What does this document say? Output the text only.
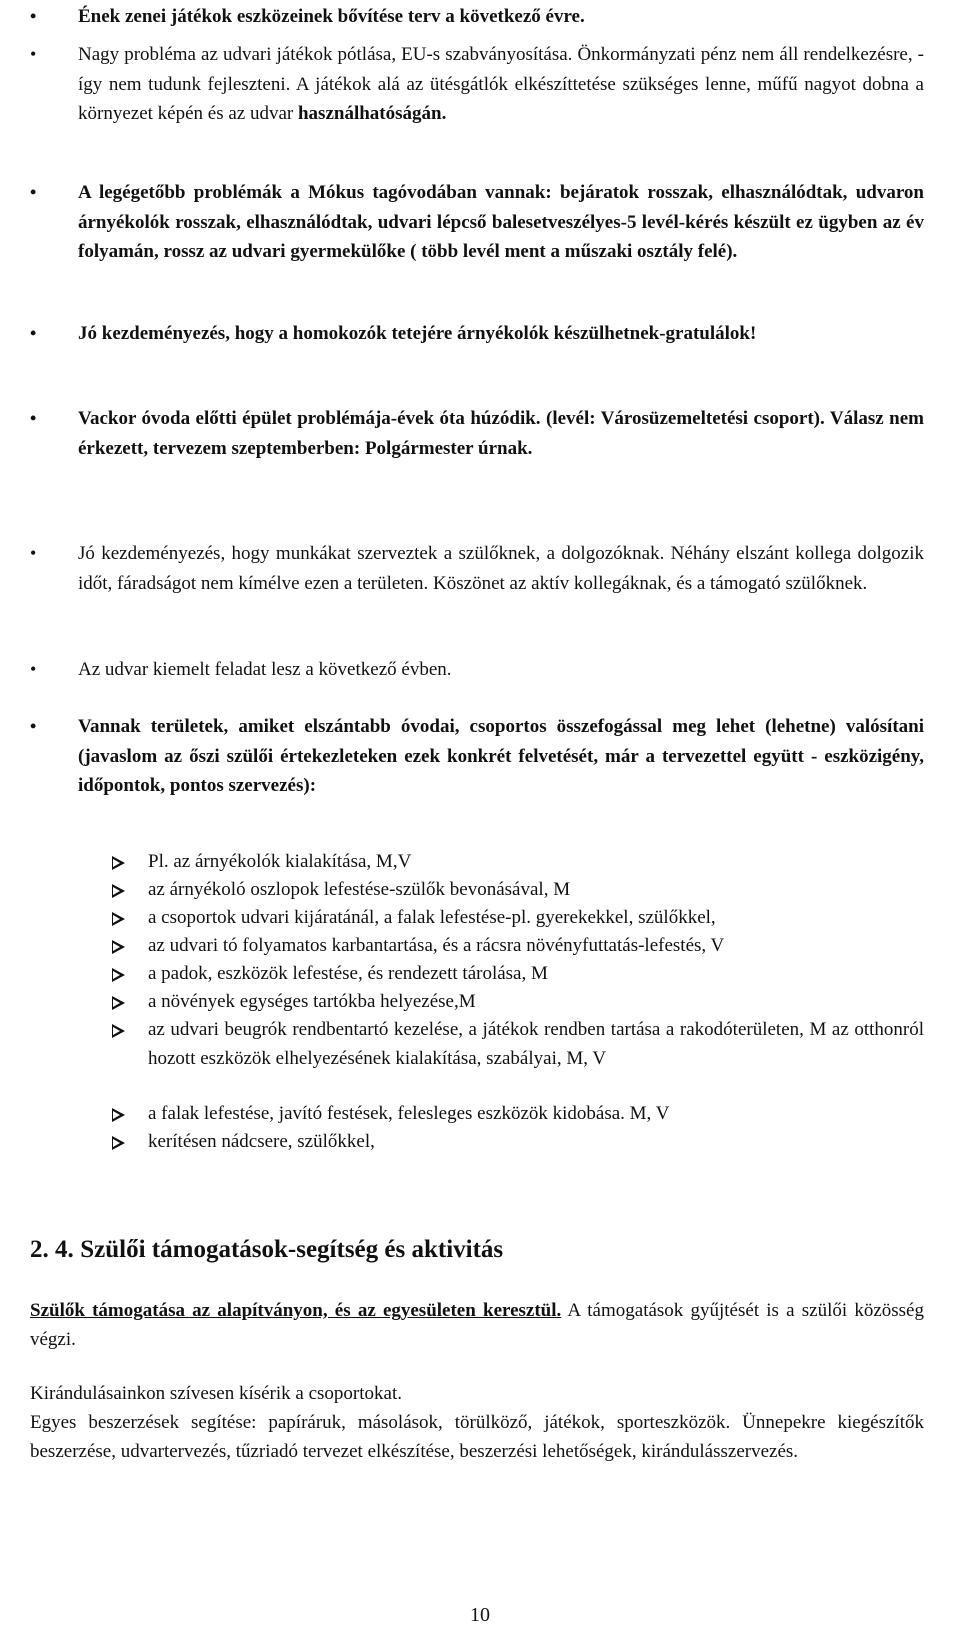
• Ének zenei játékok eszközeinek bővítése terv a következő évre.
• Nagy probléma az udvari játékok pótlása, EU-s szabványosítása. Önkormányzati pénz nem áll rendelkezésre, - így nem tudunk fejleszteni. A játékok alá az ütésgátlók elkészíttetése szükséges lenne, műfű nagyot dobna a környezet képén és az udvar használhatóságán.
• A legégetőbb problémák a Mókus tagóvodában vannak: bejáratok rosszak, elhasználódtak, udvaron árnyékolók rosszak, elhasználódtak, udvari lépcső balesetveszélyes-5 levél-kérés készült ez ügyben az év folyamán, rossz az udvari gyermekülőke ( több levél ment a műszaki osztály felé).
• Jó kezdeményezés, hogy a homokozók tetejére árnyékolók készülhetnek-gratulálok!
• Vackor óvoda előtti épület problémája-évek óta húzódik. (levél: Városüzemeltetési csoport). Válasz nem érkezett, tervezem szeptemberben: Polgármester úrnak.
• Jó kezdeményezés, hogy munkákat szerveztek a szülőknek, a dolgozóknak. Néhány elszánt kollega dolgozik időt, fáradságot nem kímélve ezen a területen. Köszönet az aktív kollegáknak, és a támogató szülőknek.
• Az udvar kiemelt feladat lesz a következő évben.
• Vannak területek, amiket elszántabb óvodai, csoportos összefogással meg lehet (lehetne) valósítani (javaslom az őszi szülői értekezleteken ezek konkrét felvetését, már a tervezettel együtt - eszközigény, időpontok, pontos szervezés):
Pl. az árnyékolók kialakítása, M,V
az árnyékoló oszlopok lefestése-szülők bevonásával, M
a csoportok udvari kijáratánál, a falak lefestése-pl. gyerekekkel, szülőkkel,
az udvari tó folyamatos karbantartása, és a rácsra növényfuttatás-lefestés, V
a padok, eszközök lefestése, és rendezett tárolása, M
a növények egységes tartókba helyezése,M
az udvari beugrók rendbentartó kezelése, a játékok rendben tartása a rakodóterületen, M az otthonról hozott eszközök elhelyezésének kialakítása, szabályai, M, V
a falak lefestése, javító festések, felesleges eszközök kidobása. M, V
kerítésen nádcsere, szülőkkel,
2. 4. Szülői támogatások-segítség és aktivitás
Szülők támogatása az alapítványon, és az egyesületen keresztül. A támogatások gyűjtését is a szülői közösség végzi.
Kirándulásainkon szívesen kísérik a csoportokat.
Egyes beszerzések segítése: papíráruk, másolások, törülköző, játékok, sporteszközök. Ünnepekre kiegészítők beszerzése, udvartervezés, tűzriadó tervezet elkészítése, beszerzési lehetőségek, kirándulásszervezés.
10
